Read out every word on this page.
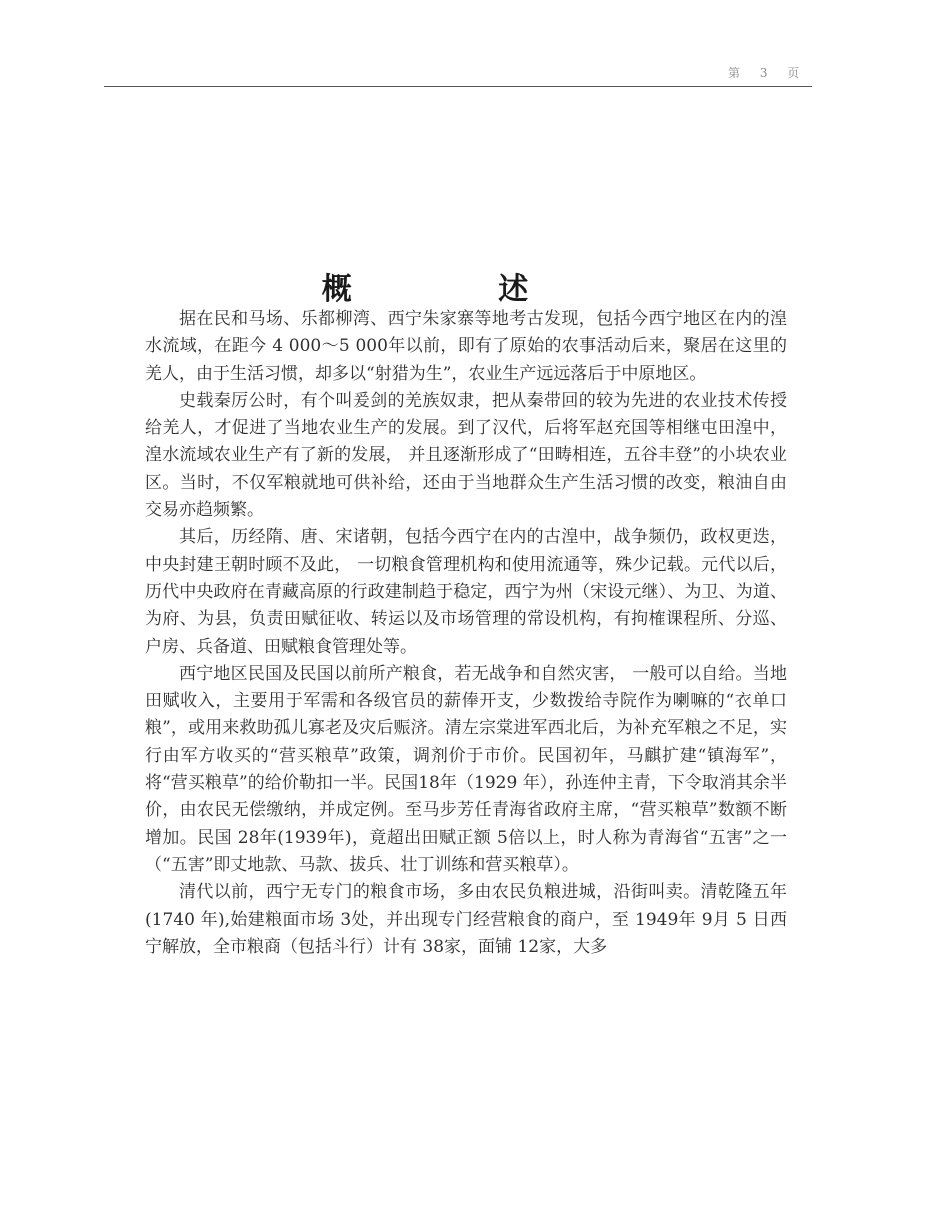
第 3 页
概 述

据在民和马场、乐都柳湾、西宁朱家寨等地考古发现，包括今西宁地区在内的湟水流域，在距今 4 000～5 000年以前，即有了原始的农事活动后来，聚居在这里的羌人，由于生活习惯，却多以“射猎为生”，农业生产远远落后于中原地区。

史载秦厉公时，有个叫爰剑的羌族奴隶，把从秦带回的较为先进的农业技术传授给羌人，才促进了当地农业生产的发展。到了汉代，后将军赵充国等相继屯田湟中，湟水流域农业生产有了新的发展， 并且逐渐形成了“田畴相连，五谷丰登”的小块农业区。当时，不仅军粮就地可供补给，还由于当地群众生产生活习惯的改变，粮油自由交易亦趋频繁。

其后，历经隋、唐、宋诸朝，包括今西宁在内的古湟中，战争频仍，政权更迭，中央封建王朝时顾不及此， 一切粮食管理机构和使用流通等，殊少记载。元代以后，历代中央政府在青藏高原的行政建制趋于稳定，西宁为州（宋设元继）、为卫、为道、为府、为县，负责田赋征收、转运以及市场管理的常设机构，有拘榷课程所、分巡、户房、兵备道、田赋粮食管理处等。

西宁地区民国及民国以前所产粮食，若无战争和自然灾害， 一般可以自给。当地田赋收入，主要用于军需和各级官员的薪俸开支，少数拨给寺院作为喇嘛的“衣单口粮”，或用来救助孤儿寡老及灾后赈济。清左宗棠进军西北后，为补充军粮之不足，实行由军方收买的“营买粮草”政策，调剂价于市价。民国初年，马麒扩建“镇海军”，将“营买粮草”的给价勒扣一半。民国18年（1929 年），孙连仲主青，下令取消其余半价，由农民无偿缴纳，并成定例。至马步芳任青海省政府主席，“营买粮草”数额不断增加。民国 28年(1939年)，竟超出田赋正额 5倍以上，时人称为青海省“五害”之一（“五害”即丈地款、马款、拔兵、壮丁训练和营买粮草）。

清代以前，西宁无专门的粮食市场，多由农民负粮进城，沿街叫卖。清乾隆五年(1740 年),始建粮面市场 3处，并出现专门经营粮食的商户，至 1949年 9月 5 日西宁解放，全市粮商（包括斗行）计有 38家，面铺 12家，大多
